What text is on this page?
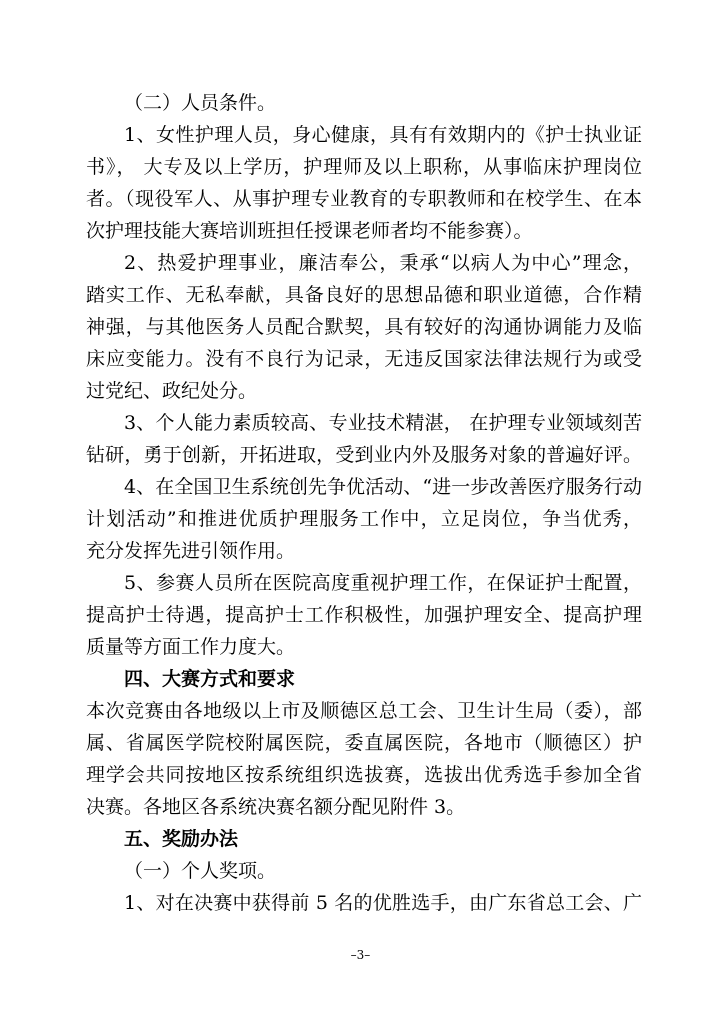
（二）人员条件。
1、女性护理人员，身心健康，具有有效期内的《护士执业证
书》， 大专及以上学历，护理师及以上职称，从事临床护理岗位
者。（现役军人、从事护理专业教育的专职教师和在校学生、在本
次护理技能大赛培训班担任授课老师者均不能参赛）。
2、热爱护理事业，廉洁奉公，秉承“以病人为中心”理念，
踏实工作、无私奉献，具备良好的思想品德和职业道德，合作精
神强，与其他医务人员配合默契，具有较好的沟通协调能力及临
床应变能力。没有不良行为记录，无违反国家法律法规行为或受
过党纪、政纪处分。
3、个人能力素质较高、专业技术精湛， 在护理专业领域刻苦
钻研，勇于创新，开拓进取，受到业内外及服务对象的普遍好评。
4、在全国卫生系统创先争优活动、“进一步改善医疗服务行动
计划活动”和推进优质护理服务工作中，立足岗位，争当优秀，
充分发挥先进引领作用。
5、参赛人员所在医院高度重视护理工作，在保证护士配置，
提高护士待遇，提高护士工作积极性，加强护理安全、提高护理
质量等方面工作力度大。
四、大赛方式和要求
本次竞赛由各地级以上市及顺德区总工会、卫生计生局（委），部
属、省属医学院校附属医院，委直属医院，各地市（顺德区）护
理学会共同按地区按系统组织选拔赛，选拔出优秀选手参加全省
决赛。各地区各系统决赛名额分配见附件 3。
五、奖励办法
（一）个人奖项。
1、对在决赛中获得前 5 名的优胜选手，由广东省总工会、广
–3–
